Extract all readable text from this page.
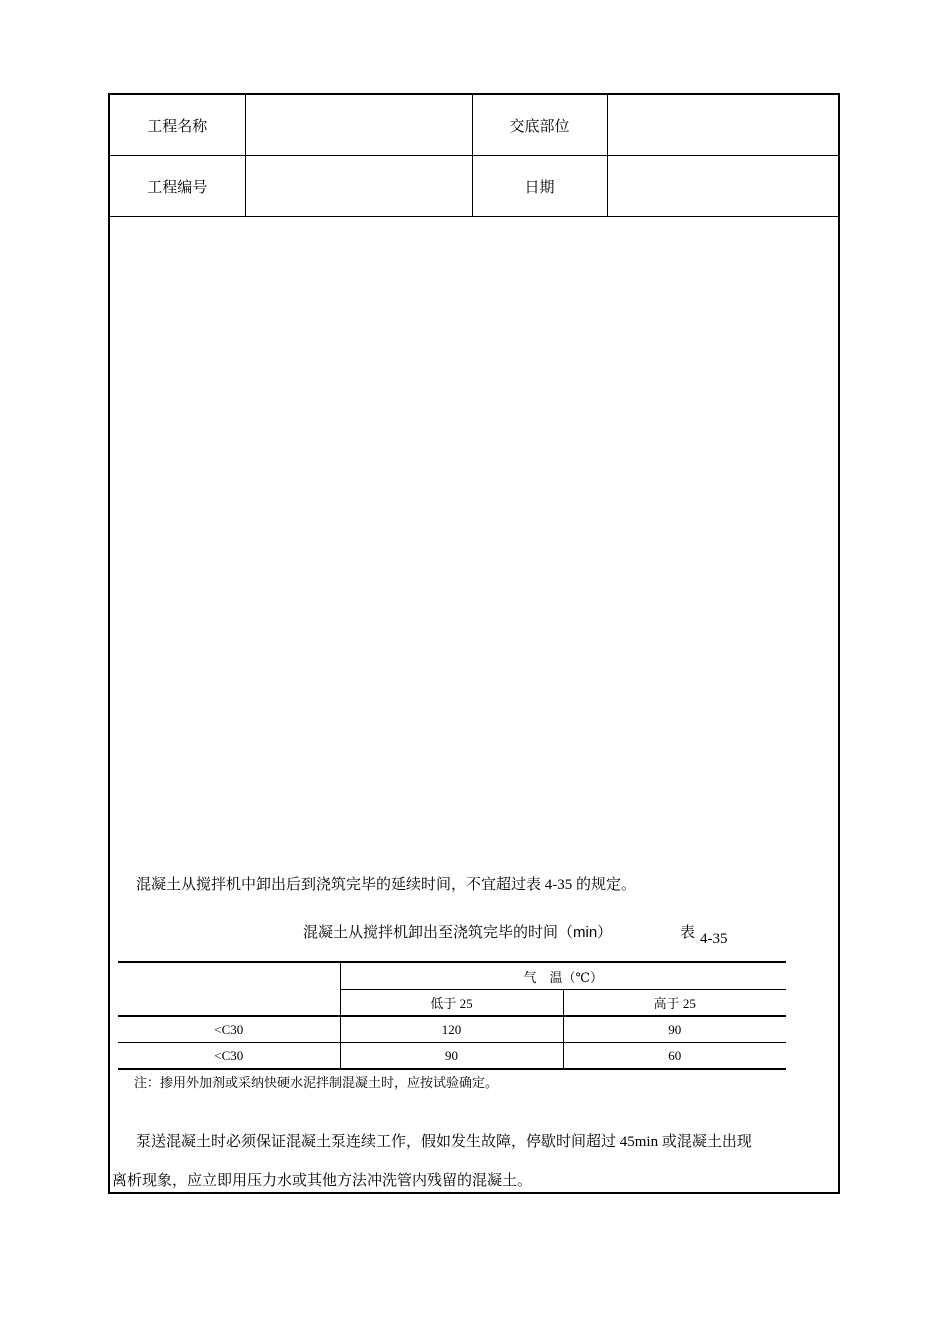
工程名称		交底部位	
工程编号		日期	
混凝土从搅拌机中卸出后到浇筑完毕的延续时间，不宜超过表 4-35 的规定。
混凝土从搅拌机卸出至浇筑完毕的时间（min）	表 4-35
	气　温（℃）	
	低于 25	高于 25
<C30	120	90
<C30	90	60
注：掺用外加剂或采纳快硬水泥拌制混凝土时，应按试验确定。
泵送混凝土时必须保证混凝土泵连续工作，假如发生故障，停歇时间超过 45min 或混凝土出现
离析现象，应立即用压力水或其他方法冲洗管内残留的混凝土。
